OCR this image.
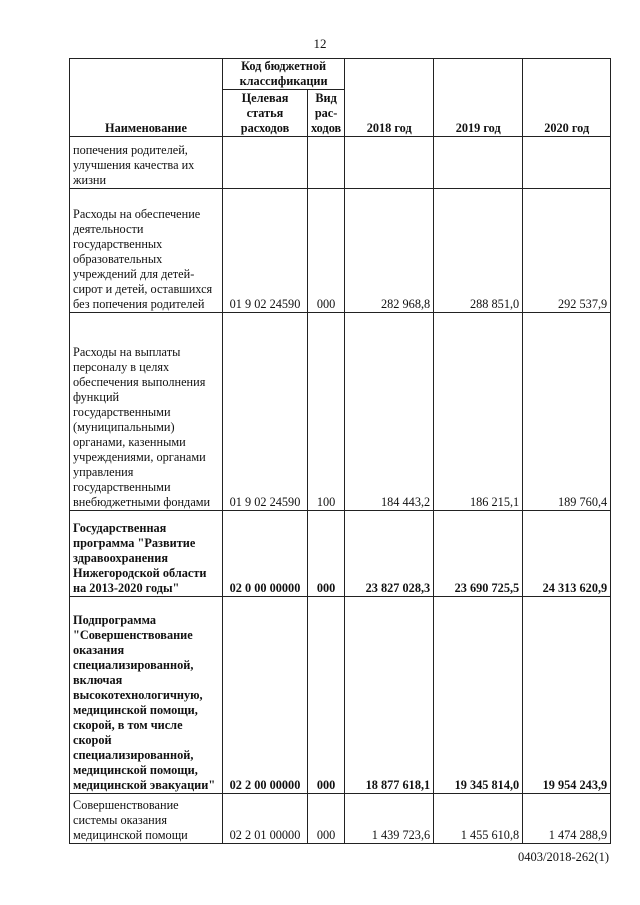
12
Наименование	Код бюджетной классификации		2018 год	2019 год	2020 год
	Целевая статья расходов	Вид рас-ходов			
попечения родителей, улучшения качества их жизни					
Расходы на обеспечение деятельности государственных образовательных учреждений для детей-сирот и детей, оставшихся без попечения родителей	01 9 02 24590	000	282 968,8	288 851,0	292 537,9
Расходы на выплаты персоналу в целях обеспечения выполнения функций государственными (муниципальными) органами, казенными учреждениями, органами управления государственными внебюджетными фондами	01 9 02 24590	100	184 443,2	186 215,1	189 760,4
Государственная программа "Развитие здравоохранения Нижегородской области на 2013-2020 годы"	02 0 00 00000	000	23 827 028,3	23 690 725,5	24 313 620,9
Подпрограмма "Совершенствование оказания специализированной, включая высокотехнологичную, медицинской помощи, скорой, в том числе скорой специализированной, медицинской помощи, медицинской эвакуации"	02 2 00 00000	000	18 877 618,1	19 345 814,0	19 954 243,9
Совершенствование системы оказания медицинской помощи	02 2 01 00000	000	1 439 723,6	1 455 610,8	1 474 288,9
0403/2018-262(1)
